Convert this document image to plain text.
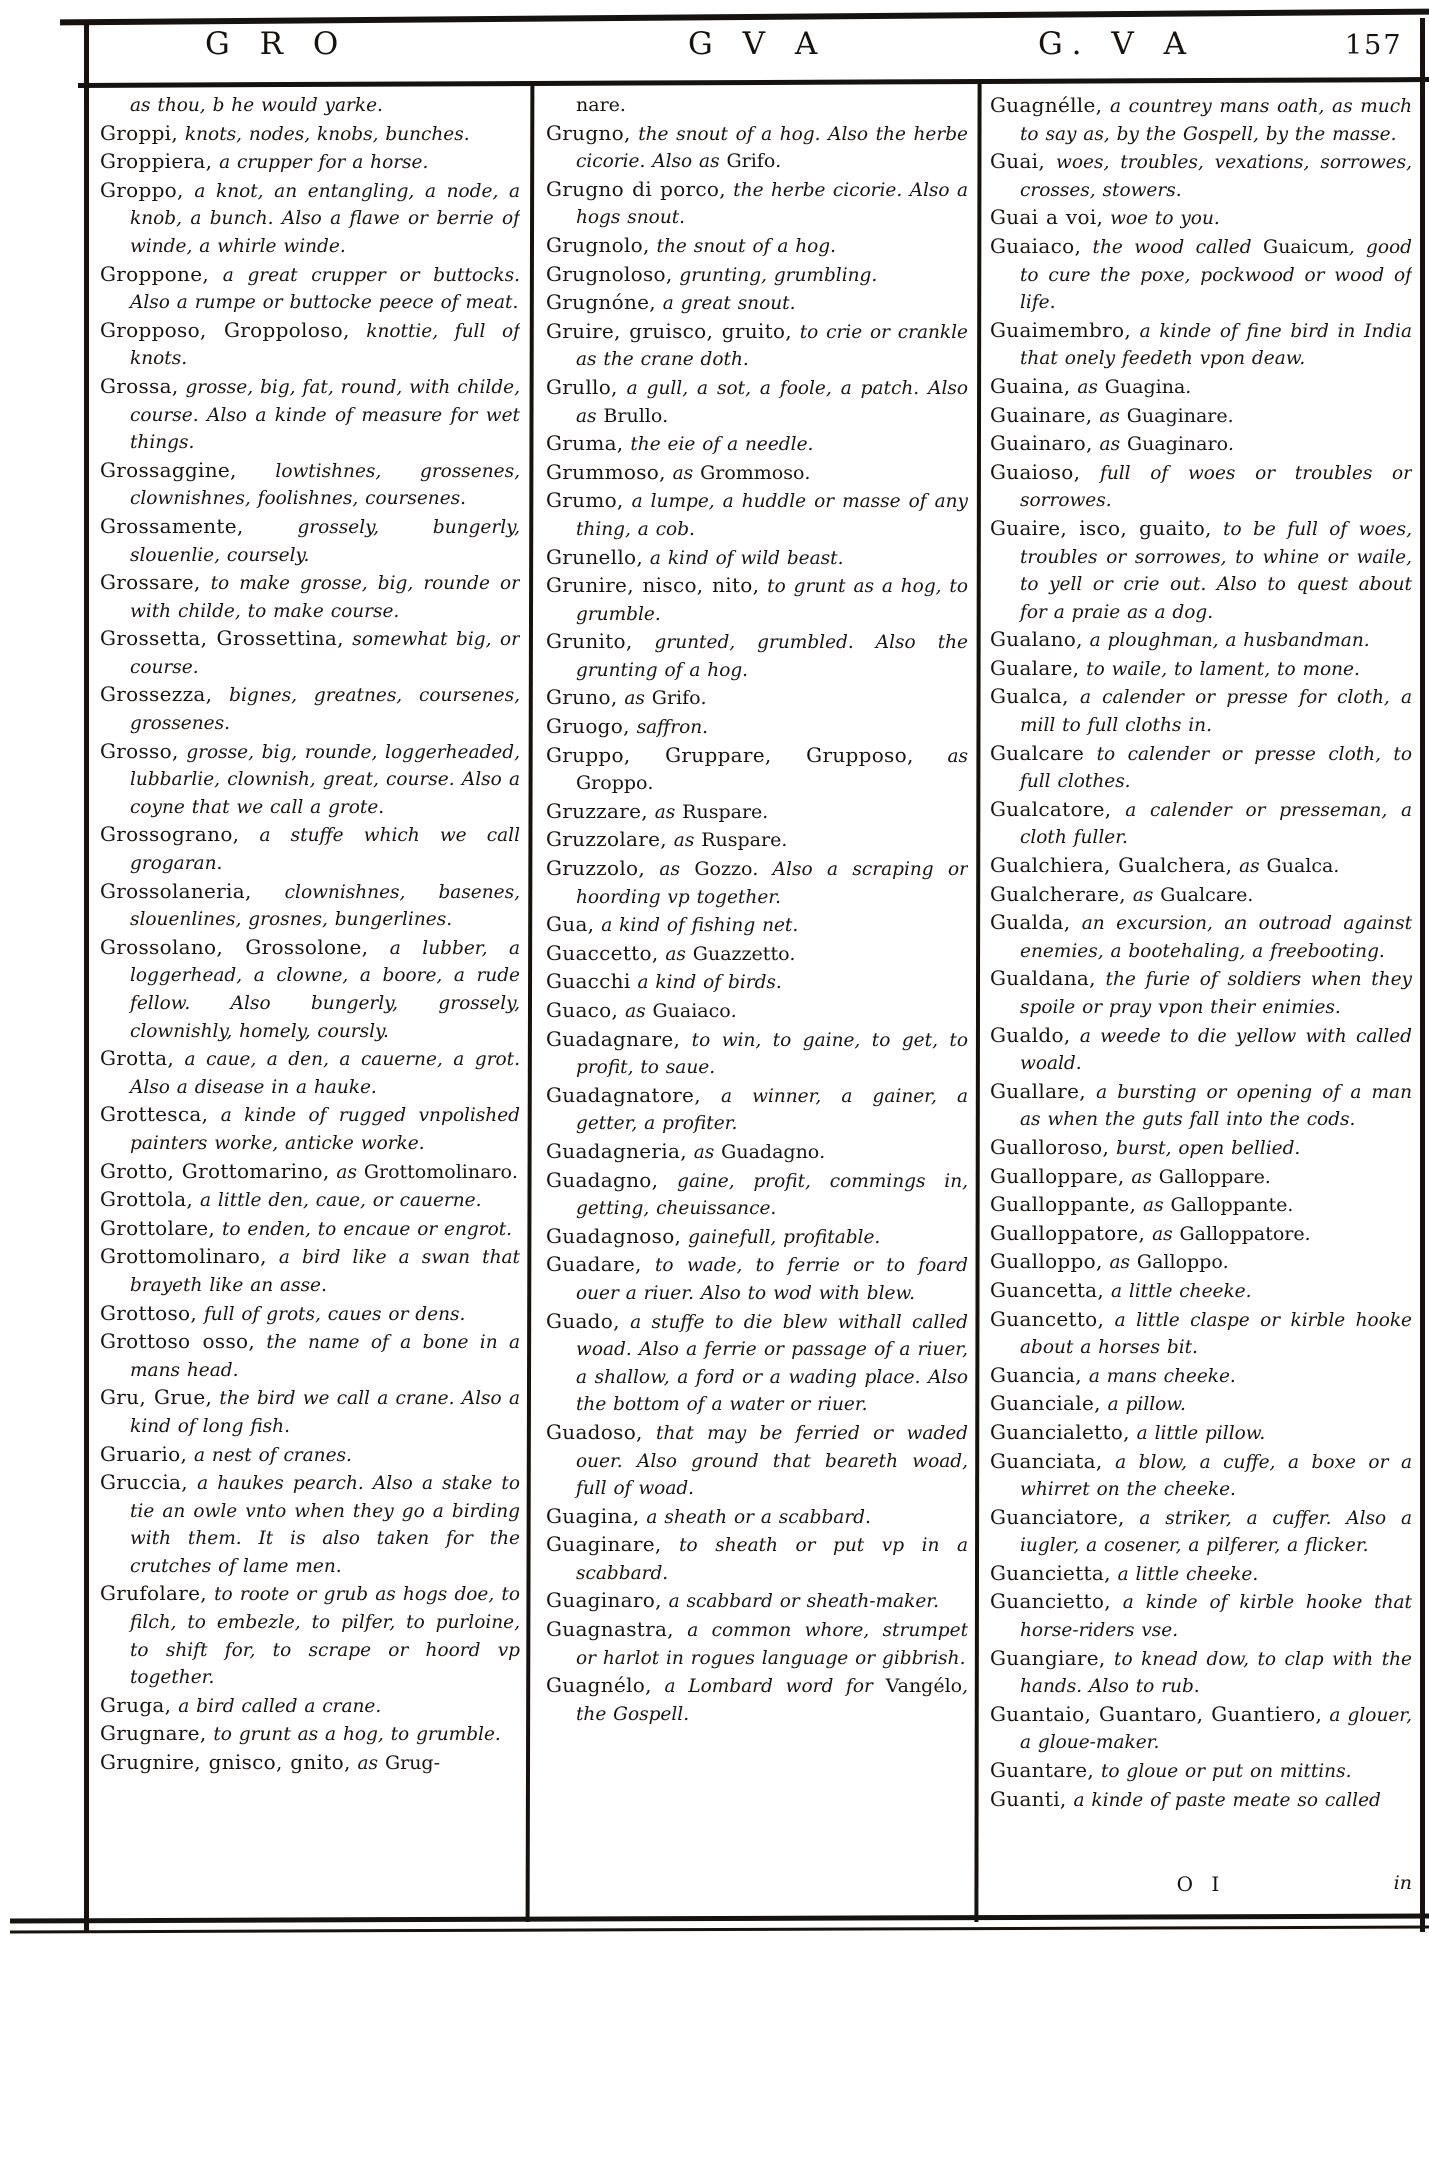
G R O	G V A	G. V A	157

as thou, b he would yarke.

Groppi, knots, nodes, knobs, bunches.

Groppiera, a crupper for a horse.

Groppo, a knot, an entangling, a node, a knob, a bunch. Also a flawe or berrie of winde, a whirle winde.

Groppone, a great crupper or buttocks. Also a rumpe or buttocke peece of meat.

Gropposo, Groppoloso, knottie, full of knots.

Grossa, grosse, big, fat, round, with childe, course. Also a kinde of measure for wet things.

Grossaggine, lowtishnes, grossenes, clownishnes, foolishnes, coursenes.

Grossamente, grossely, bungerly, slouenlie, coursely.

Grossare, to make grosse, big, rounde or with childe, to make course.

Grossetta, Grossettina, somewhat big, or course.

Grossezza, bignes, greatnes, coursenes, grossenes.

Grosso, grosse, big, rounde, loggerheaded, lubbarlie, clownish, great, course. Also a coyne that we call a grote.

Grossograno, a stuffe which we call grogaran.

Grossolaneria, clownishnes, basenes, slouenlines, grosnes, bungerlines.

Grossolano, Grossolone, a lubber, a loggerhead, a clowne, a boore, a rude fellow. Also bungerly, grossely, clownishly, homely, coursly.

Grotta, a caue, a den, a cauerne, a grot. Also a disease in a hauke.

Grottesca, a kinde of rugged vnpolished painters worke, anticke worke.

Grotto, Grottomarino, as Grottomolinaro.

Grottola, a little den, caue, or cauerne.

Grottolare, to enden, to encaue or engrot.

Grottomolinaro, a bird like a swan that brayeth like an asse.

Grottoso, full of grots, caues or dens.

Grottoso osso, the name of a bone in a mans head.

Gru, Grue, the bird we call a crane. Also a kind of long fish.

Gruario, a nest of cranes.

Gruccia, a haukes pearch. Also a stake to tie an owle vnto when they go a birding with them. It is also taken for the crutches of lame men.

Grufolare, to roote or grub as hogs doe, to filch, to embezle, to pilfer, to purloine, to shift for, to scrape or hoord vp together.

Gruga, a bird called a crane.

Grugnare, to grunt as a hog, to grumble.

Grugnire, gnisco, gnito, as Grug-

nare.

Grugno, the snout of a hog. Also the herbe cicorie. Also as Grifo.

Grugno di porco, the herbe cicorie. Also a hogs snout.

Grugnolo, the snout of a hog.

Grugnoloso, grunting, grumbling.

Grugnóne, a great snout.

Gruire, gruisco, gruito, to crie or crankle as the crane doth.

Grullo, a gull, a sot, a foole, a patch. Also as Brullo.

Gruma, the eie of a needle.

Grummoso, as Grommoso.

Grumo, a lumpe, a huddle or masse of any thing, a cob.

Grunello, a kind of wild beast.

Grunire, nisco, nito, to grunt as a hog, to grumble.

Grunito, grunted, grumbled. Also the grunting of a hog.

Gruno, as Grifo.

Gruogo, saffron.

Gruppo, Gruppare, Grupposo, as Groppo.

Gruzzare, as Ruspare.

Gruzzolare, as Ruspare.

Gruzzolo, as Gozzo. Also a scraping or hoording vp together.

Gua, a kind of fishing net.

Guaccetto, as Guazzetto.

Guacchi a kind of birds.

Guaco, as Guaiaco.

Guadagnare, to win, to gaine, to get, to profit, to saue.

Guadagnatore, a winner, a gainer, a getter, a profiter.

Guadagneria, as Guadagno.

Guadagno, gaine, profit, commings in, getting, cheuissance.

Guadagnoso, gainefull, profitable.

Guadare, to wade, to ferrie or to foard ouer a riuer. Also to wod with blew.

Guado, a stuffe to die blew withall called woad. Also a ferrie or passage of a riuer, a shallow, a ford or a wading place. Also the bottom of a water or riuer.

Guadoso, that may be ferried or waded ouer. Also ground that beareth woad, full of woad.

Guagina, a sheath or a scabbard.

Guaginare, to sheath or put vp in a scabbard.

Guaginaro, a scabbard or sheath-maker.

Guagnastra, a common whore, strumpet or harlot in rogues language or gibbrish.

Guagnélo, a Lombard word for Vangélo, the Gospell.

Guagnélle, a countrey mans oath, as much to say as, by the Gospell, by the masse.

Guai, woes, troubles, vexations, sorrowes, crosses, stowers.

Guai a voi, woe to you.

Guaiaco, the wood called Guaicum, good to cure the poxe, pockwood or wood of life.

Guaimembro, a kinde of fine bird in India that onely feedeth vpon deaw.

Guaina, as Guagina.

Guainare, as Guaginare.

Guainaro, as Guaginaro.

Guaioso, full of woes or troubles or sorrowes.

Guaire, isco, guaito, to be full of woes, troubles or sorrowes, to whine or waile, to yell or crie out. Also to quest about for a praie as a dog.

Gualano, a ploughman, a husbandman.

Gualare, to waile, to lament, to mone.

Gualca, a calender or presse for cloth, a mill to full cloths in.

Gualcare to calender or presse cloth, to full clothes.

Gualcatore, a calender or presseman, a cloth fuller.

Gualchiera, Gualchera, as Gualca.

Gualcherare, as Gualcare.

Gualda, an excursion, an outroad against enemies, a bootehaling, a freebooting.

Gualdana, the furie of soldiers when they spoile or pray vpon their enimies.

Gualdo, a weede to die yellow with called woald.

Guallare, a bursting or opening of a man as when the guts fall into the cods.

Gualloroso, burst, open bellied.

Gualloppare, as Galloppare.

Gualloppante, as Galloppante.

Gualloppatore, as Galloppatore.

Gualloppo, as Galloppo.

Guancetta, a little cheeke.

Guancetto, a little claspe or kirble hooke about a horses bit.

Guancia, a mans cheeke.

Guanciale, a pillow.

Guancialetto, a little pillow.

Guanciata, a blow, a cuffe, a boxe or a whirret on the cheeke.

Guanciatore, a striker, a cuffer. Also a iugler, a cosener, a pilferer, a flicker.

Guancietta, a little cheeke.

Guancietto, a kinde of kirble hooke that horse-riders vse.

Guangiare, to knead dow, to clap with the hands. Also to rub.

Guantaio, Guantaro, Guantiero, a glouer, a gloue-maker.

Guantare, to gloue or put on mittins.

Guanti, a kinde of paste meate so called

O I	in
